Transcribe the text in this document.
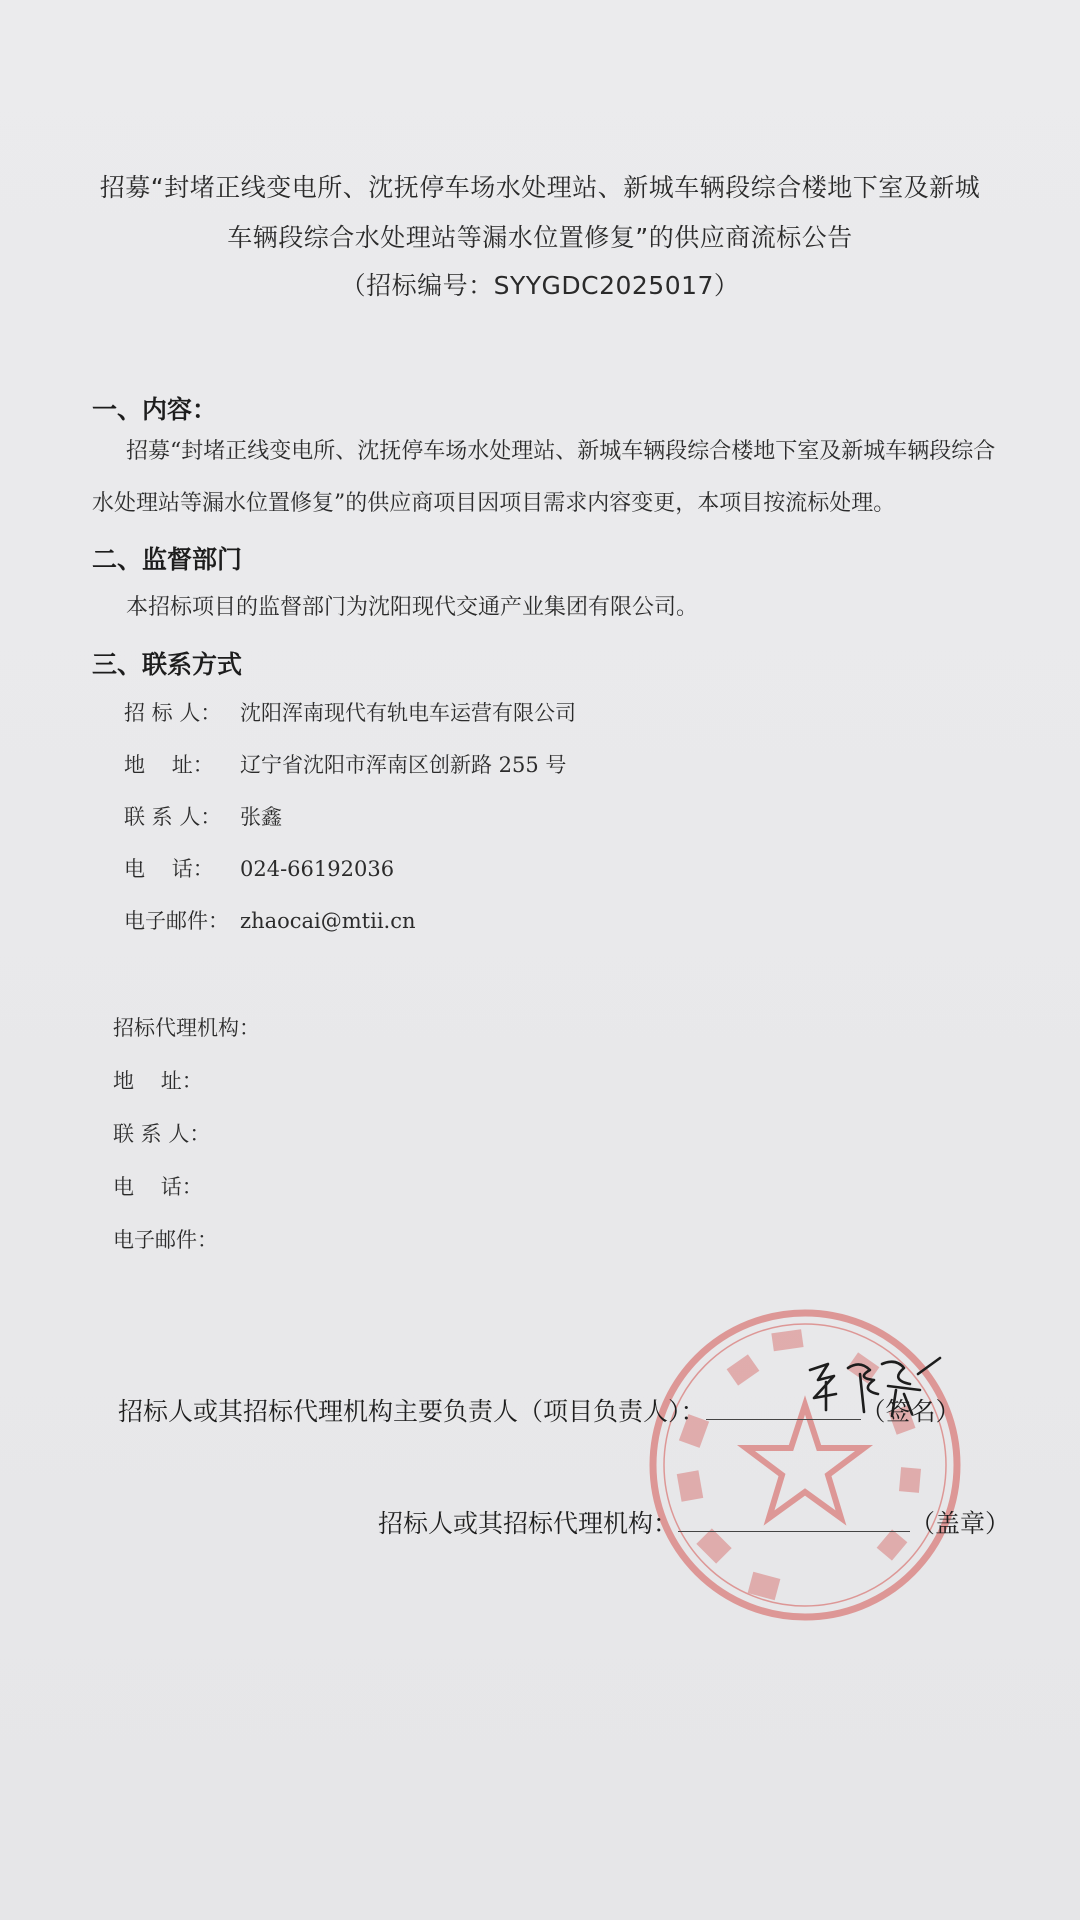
招募“封堵正线变电所、沈抚停车场水处理站、新城车辆段综合楼地下室及新城
车辆段综合水处理站等漏水位置修复”的供应商流标公告
（招标编号：SYYGDC2025017）
一、内容：
招募“封堵正线变电所、沈抚停车场水处理站、新城车辆段综合楼地下室及新城车辆段综合水处理站等漏水位置修复”的供应商项目因项目需求内容变更，本项目按流标处理。
二、监督部门
本招标项目的监督部门为沈阳现代交通产业集团有限公司。
三、联系方式
招 标 人： 沈阳浑南现代有轨电车运营有限公司
地    址： 辽宁省沈阳市浑南区创新路 255 号
联 系 人： 张鑫
电    话： 024-66192036
电子邮件： zhaocai@mtii.cn
招标代理机构：
地    址：
联 系 人：
电    话：
电子邮件：
招标人或其招标代理机构主要负责人（项目负责人）：	（签名）
招标人或其招标代理机构：	（盖章）
